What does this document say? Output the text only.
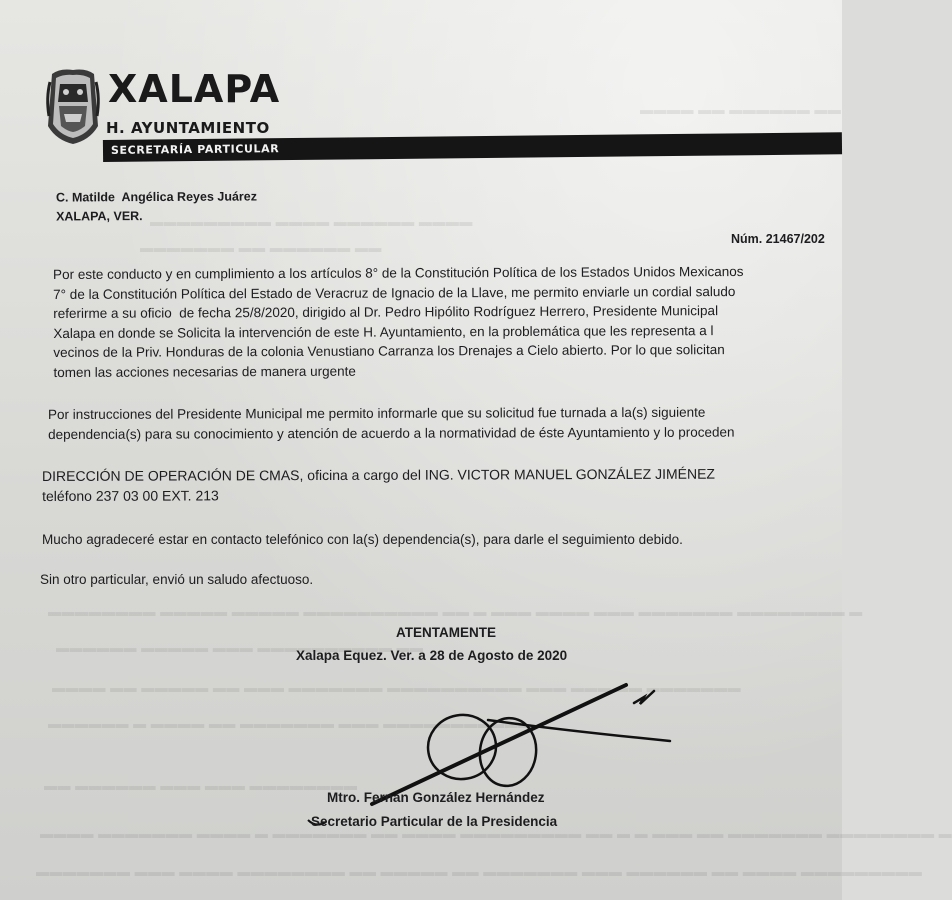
▬▬▬▬ ▬▬ ▬▬▬▬▬▬ ▬▬
▬▬▬▬▬▬▬▬▬ ▬▬▬▬ ▬▬▬▬▬▬ ▬▬▬▬
▬▬▬▬▬▬▬ ▬▬ ▬▬▬▬▬▬ ▬▬
▬▬▬▬▬▬▬▬ ▬▬▬▬▬ ▬▬▬▬▬ ▬▬▬▬▬▬▬▬▬▬ ▬▬ ▬ ▬▬▬ ▬▬▬▬ ▬▬▬ ▬▬▬▬▬▬▬ ▬▬▬▬▬▬▬▬ ▬
▬▬▬▬▬▬ ▬▬▬▬▬ ▬▬▬ ▬▬▬▬▬▬▬▬▬▬ ▬▬
▬▬▬▬ ▬▬ ▬▬▬▬▬ ▬▬ ▬▬▬ ▬▬▬▬▬▬▬ ▬▬▬▬▬▬▬▬▬▬ ▬▬▬ ▬▬▬ ▬▬ ▬▬▬▬▬▬▬
▬▬▬▬▬▬ ▬ ▬▬▬▬ ▬▬ ▬▬▬▬▬▬▬ ▬▬▬ ▬▬▬▬▬▬▬▬▬▬▬
▬▬ ▬▬▬▬▬▬ ▬▬▬ ▬▬▬ ▬▬▬▬▬▬▬▬
▬▬▬▬ ▬▬▬▬▬▬▬ ▬▬▬▬ ▬ ▬▬▬▬▬▬▬ ▬▬ ▬▬▬▬ ▬▬▬▬▬▬▬▬▬ ▬▬ ▬ ▬ ▬▬▬ ▬▬ ▬▬▬▬▬▬▬ ▬▬▬▬▬▬▬▬ ▬
▬▬▬▬▬▬▬ ▬▬▬ ▬▬▬▬ ▬▬▬▬▬▬▬▬ ▬▬ ▬▬▬▬▬ ▬▬ ▬▬▬▬▬▬▬ ▬▬▬ ▬▬▬▬▬▬ ▬▬ ▬▬▬▬ ▬▬▬▬▬▬▬▬▬
XALAPA
H. AYUNTAMIENTO
SECRETARÍA PARTICULAR
C. Matilde  Angélica Reyes Juárez
XALAPA, VER.
Núm. 21467/202
Por este conducto y en cumplimiento a los artículos 8° de la Constitución Política de los Estados Unidos Mexicanos
7° de la Constitución Política del Estado de Veracruz de Ignacio de la Llave, me permito enviarle un cordial saludo
referirme a su oficio  de fecha 25/8/2020, dirigido al Dr. Pedro Hipólito Rodríguez Herrero, Presidente Municipal
Xalapa en donde se Solicita la intervención de este H. Ayuntamiento, en la problemática que les representa a l
vecinos de la Priv. Honduras de la colonia Venustiano Carranza los Drenajes a Cielo abierto. Por lo que solicitan
tomen las acciones necesarias de manera urgente
Por instrucciones del Presidente Municipal me permito informarle que su solicitud fue turnada a la(s) siguiente
dependencia(s) para su conocimiento y atención de acuerdo a la normatividad de éste Ayuntamiento y lo proceden
DIRECCIÓN DE OPERACIÓN DE CMAS, oficina a cargo del ING. VICTOR MANUEL GONZÁLEZ JIMÉNEZ
teléfono 237 03 00 EXT. 213
Mucho agradeceré estar en contacto telefónico con la(s) dependencia(s), para darle el seguimiento debido.
Sin otro particular, envió un saludo afectuoso.
ATENTAMENTE
Xalapa Equez. Ver. a 28 de Agosto de 2020
Mtro. Fernán González Hernández
Secretario Particular de la Presidencia
